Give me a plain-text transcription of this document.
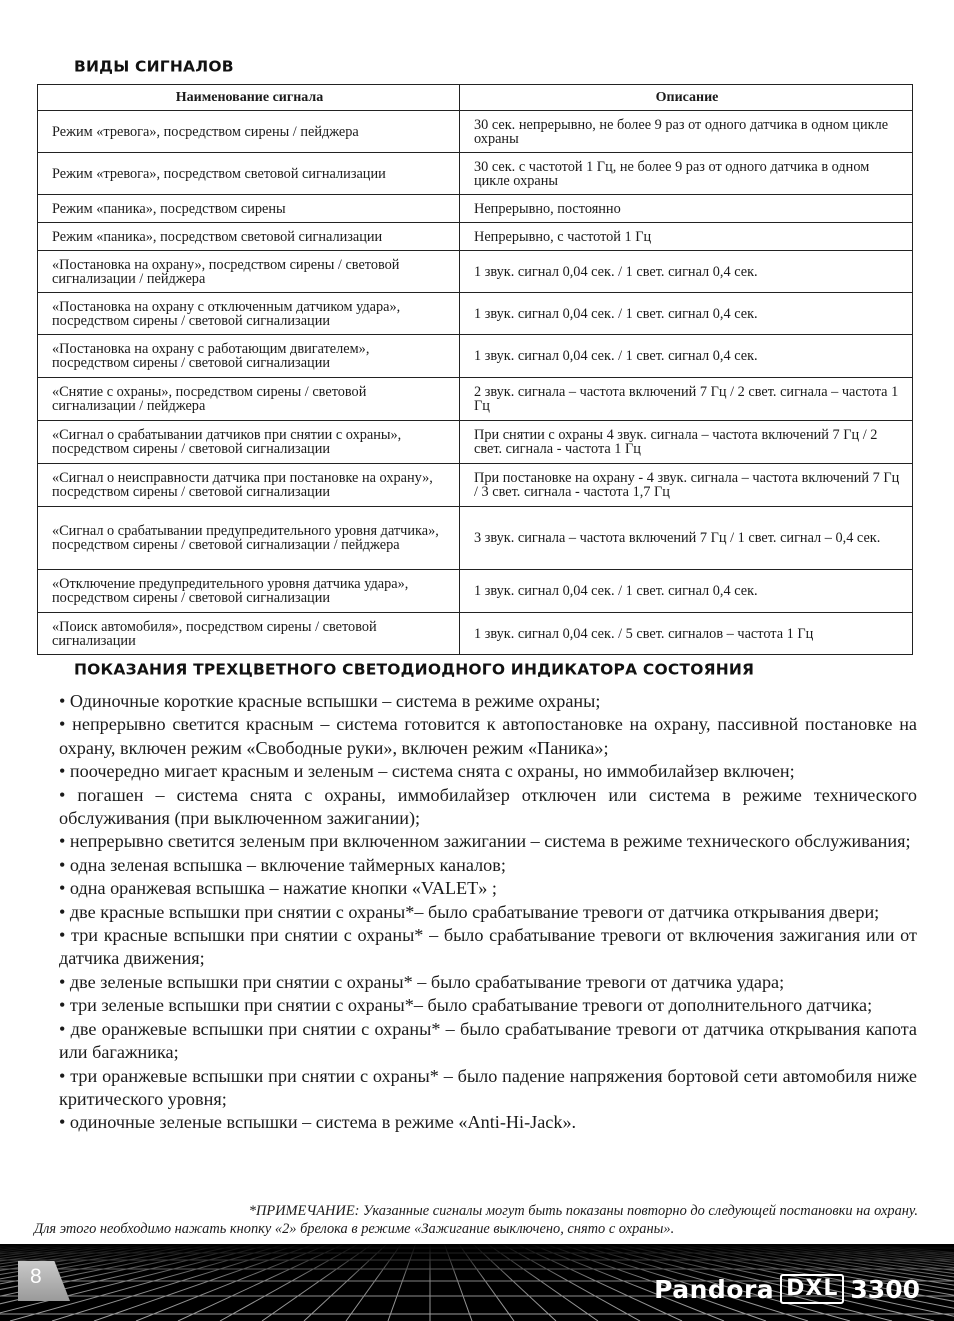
ВИДЫ СИГНАЛОВ
Наименование сигнала	Описание
Режим «тревога», посредством сирены / пейджера	30 сек. непрерывно, не более 9 раз от одного датчика в одном цикле охраны
Режим «тревога», посредством световой сигнализации	30 сек. с частотой 1 Гц, не более 9 раз от одного датчика в одном цикле охраны
Режим «паника», посредством сирены	Непрерывно, постоянно
Режим «паника», посредством световой сигнализации	Непрерывно, с частотой 1 Гц
«Постановка на охрану», посредством сирены / световой сигнализации / пейджера	1 звук. сигнал 0,04 сек. / 1 свет. сигнал 0,4 сек.
«Постановка на охрану с отключенным датчиком удара», посредством сирены / световой сигнализации	1 звук. сигнал 0,04 сек. / 1 свет. сигнал 0,4 сек.
«Постановка на охрану с работающим двигателем», посредством сирены / световой сигнализации	1 звук. сигнал 0,04 сек. / 1 свет. сигнал 0,4 сек.
«Снятие с охраны», посредством сирены / световой сигнализации / пейджера	2 звук. сигнала – частота включений 7 Гц / 2 свет. сигнала – частота 1 Гц
«Сигнал о срабатывании датчиков при снятии с охраны», посредством сирены / световой сигнализации	При снятии с охраны 4 звук. сигнала – частота включений 7 Гц / 2 свет. сигнала - частота 1 Гц
«Сигнал о неисправности датчика при постановке на охрану», посредством сирены / световой сигнализации	При постановке на охрану - 4 звук. сигнала – частота включений 7 Гц / 3 свет. сигнала - частота 1,7 Гц
«Сигнал о срабатывании предупредительного уровня датчика», посредством сирены / световой сигнализации / пейджера	3 звук. сигнала – частота включений 7 Гц / 1 свет. сигнал – 0,4 сек.
«Отключение предупредительного уровня датчика удара», посредством сирены / световой сигнализации	1 звук. сигнал 0,04 сек. / 1 свет. сигнал 0,4 сек.
«Поиск автомобиля», посредством сирены / световой сигнализации	1 звук. сигнал 0,04 сек. / 5 свет. сигналов – частота 1 Гц
ПОКАЗАНИЯ ТРЕХЦВЕТНОГО СВЕТОДИОДНОГО ИНДИКАТОРА СОСТОЯНИЯ

• Одиночные короткие красные вспышки – система в режиме охраны;

• непрерывно светится красным – система готовится к автопостановке на охрану, пассивной постановке на охрану, включен режим «Свободные руки», включен режим «Паника»;

• поочередно мигает красным и зеленым – система снята с охраны, но иммобилайзер включен;

• погашен – система снята с охраны, иммобилайзер отключен или система в режиме технического обслуживания (при выключенном зажигании);

• непрерывно светится зеленым при включенном зажигании – система в режиме технического обслуживания;

• одна зеленая вспышка – включение таймерных каналов;

• одна оранжевая вспышка – нажатие кнопки «VALET» ;

• две красные вспышки при снятии с охраны*– было срабатывание тревоги от датчика открывания двери;

• три красные вспышки при снятии с охраны* – было срабатывание тревоги от включения зажигания или от датчика движения;

• две зеленые вспышки при снятии с охраны* – было срабатывание тревоги от датчика удара;

• три зеленые вспышки при снятии с охраны*– было срабатывание тревоги от дополнительного датчика;

• две оранжевые вспышки при снятии с охраны* – было срабатывание тревоги от датчика открывания капота или багажника;

• три оранжевые вспышки при снятии с охраны* – было падение напряжения бортовой сети автомобиля ниже критического уровня;

• одиночные зеленые вспышки – система в режиме «Anti-Hi-Jack».

*ПРИМЕЧАНИЕ: Указанные сигналы могут быть показаны повторно до следующей постановки на охрану.

Для этого необходимо нажать кнопку «2» брелока в режиме «Зажигание выключено, снято с охраны».

8	Pandora DXL 3300
